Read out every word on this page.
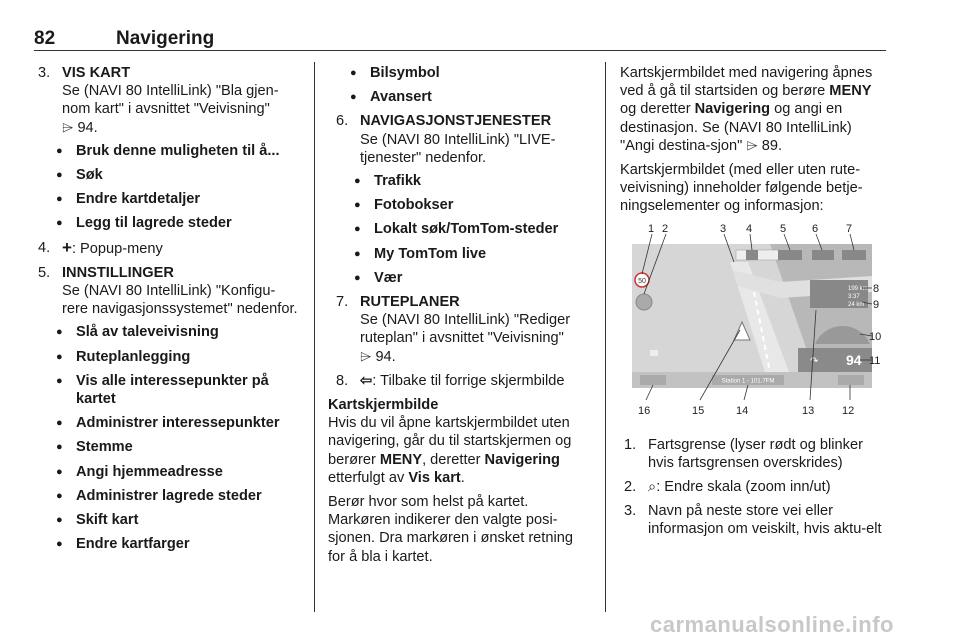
82	Navigering
3. VIS KART
Se (NAVI 80 IntelliLink) "Bla gjen-nom kart" i avsnittet "Veivisning"
⌲ 94.
● Bruk denne muligheten til å...
● Søk
● Endre kartdetaljer
● Legg til lagrede steder
4. +: Popup-meny
5. INNSTILLINGER
Se (NAVI 80 IntelliLink) "Konfigu-rere navigasjonssystemet" nedenfor.
● Slå av taleveivisning
● Ruteplanlegging
● Vis alle interessepunkter på kartet
● Administrer interessepunkter
● Stemme
● Angi hjemmeadresse
● Administrer lagrede steder
● Skift kart
● Endre kartfarger
● Bilsymbol
● Avansert
6. NAVIGASJONSTJENESTER
Se (NAVI 80 IntelliLink) "LIVE-tjenester" nedenfor.
● Trafikk
● Fotobokser
● Lokalt søk/TomTom-steder
● My TomTom live
● Vær
7. RUTEPLANER
Se (NAVI 80 IntelliLink) "Rediger ruteplan" i avsnittet "Veivisning"
⌲ 94.
8. ⇦: Tilbake til forrige skjermbilde
Kartskjermbilde

Hvis du vil åpne kartskjermbildet uten navigering, går du til startskjermen og berører MENY, deretter Navigering etterfulgt av Vis kart.

Berør hvor som helst på kartet. Markøren indikerer den valgte posi-sjonen. Dra markøren i ønsket retning for å bla i kartet.

Kartskjermbildet med navigering åpnes ved å gå til startsiden og berøre MENY og deretter Navigering og angi en destinasjon. Se (NAVI 80 IntelliLink) "Angi destina-sjon" ⌲ 89.

Kartskjermbildet (med eller uten rute-veivisning) inneholder følgende betje-ningselementer og informasjon:

50
199 km
3:37
24 km
↷ 94
Station 1 - 101.7FM
1 2	3 4	5 6	7
8
9
10
11
16	15	14	13	12
1. Fartsgrense (lyser rødt og blinker hvis fartsgrensen overskrides)
2. ⌕: Endre skala (zoom inn/ut)
3. Navn på neste store vei eller informasjon om veiskilt, hvis aktu-elt
carmanualsonline.info
